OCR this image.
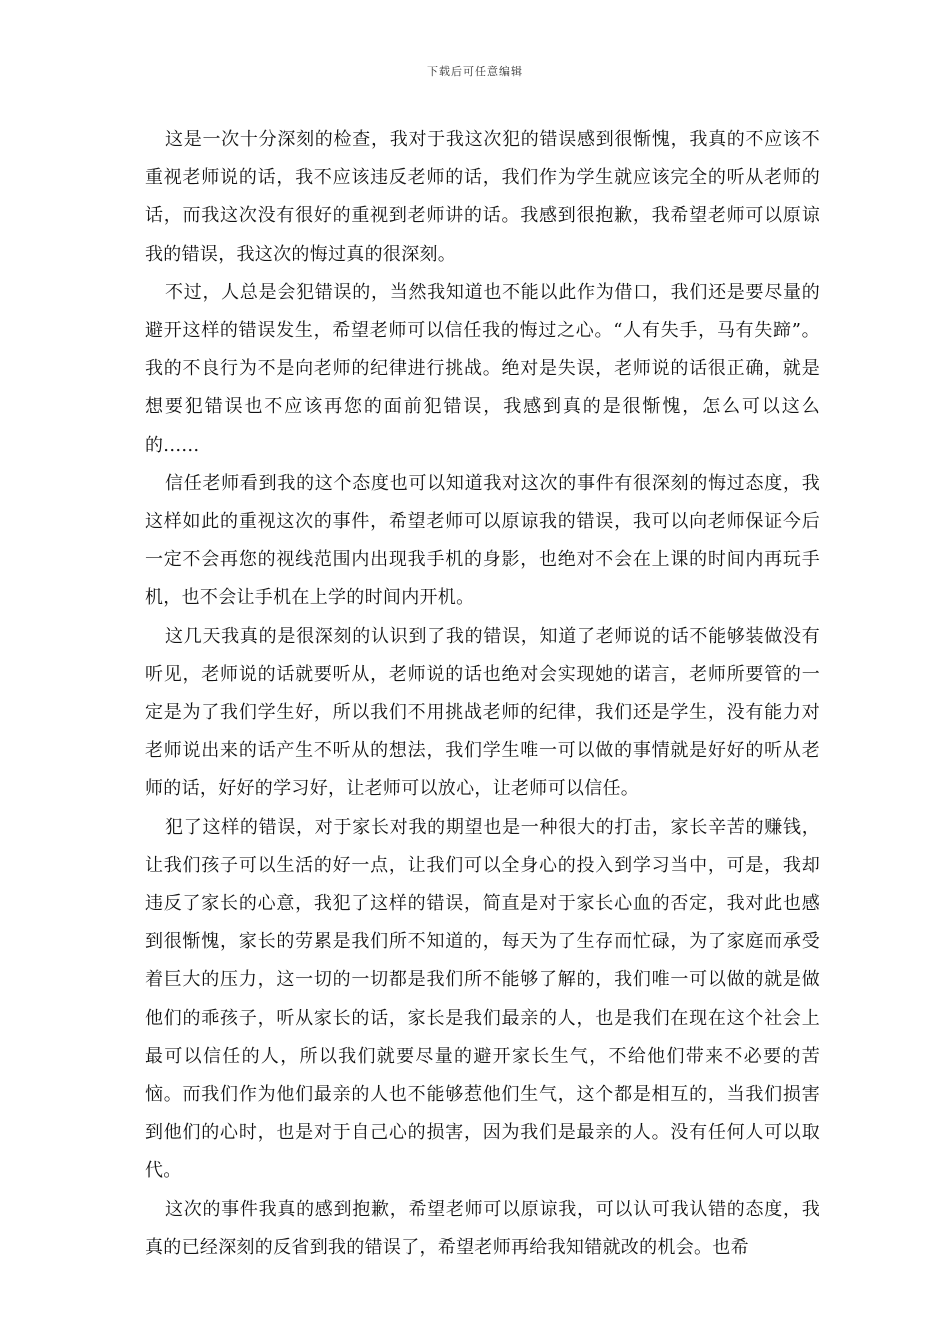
下载后可任意编辑

这是一次十分深刻的检查，我对于我这次犯的错误感到很惭愧，我真的不应该不重视老师说的话，我不应该违反老师的话，我们作为学生就应该完全的听从老师的话，而我这次没有很好的重视到老师讲的话。我感到很抱歉，我希望老师可以原谅我的错误，我这次的悔过真的很深刻。

不过，人总是会犯错误的，当然我知道也不能以此作为借口，我们还是要尽量的避开这样的错误发生，希望老师可以信任我的悔过之心。“人有失手，马有失蹄”。我的不良行为不是向老师的纪律进行挑战。绝对是失误，老师说的话很正确，就是想要犯错误也不应该再您的面前犯错误，我感到真的是很惭愧，怎么可以这么的......

信任老师看到我的这个态度也可以知道我对这次的事件有很深刻的悔过态度，我这样如此的重视这次的事件，希望老师可以原谅我的错误，我可以向老师保证今后一定不会再您的视线范围内出现我手机的身影，也绝对不会在上课的时间内再玩手机，也不会让手机在上学的时间内开机。

这几天我真的是很深刻的认识到了我的错误，知道了老师说的话不能够装做没有听见，老师说的话就要听从，老师说的话也绝对会实现她的诺言，老师所要管的一定是为了我们学生好，所以我们不用挑战老师的纪律，我们还是学生，没有能力对老师说出来的话产生不听从的想法，我们学生唯一可以做的事情就是好好的听从老师的话，好好的学习好，让老师可以放心，让老师可以信任。

犯了这样的错误，对于家长对我的期望也是一种很大的打击，家长辛苦的赚钱，让我们孩子可以生活的好一点，让我们可以全身心的投入到学习当中，可是，我却违反了家长的心意，我犯了这样的错误，简直是对于家长心血的否定，我对此也感到很惭愧，家长的劳累是我们所不知道的，每天为了生存而忙碌，为了家庭而承受着巨大的压力，这一切的一切都是我们所不能够了解的，我们唯一可以做的就是做他们的乖孩子，听从家长的话，家长是我们最亲的人，也是我们在现在这个社会上最可以信任的人，所以我们就要尽量的避开家长生气，不给他们带来不必要的苦恼。而我们作为他们最亲的人也不能够惹他们生气，这个都是相互的，当我们损害到他们的心时，也是对于自己心的损害，因为我们是最亲的人。没有任何人可以取代。

这次的事件我真的感到抱歉，希望老师可以原谅我，可以认可我认错的态度，我真的已经深刻的反省到我的错误了，希望老师再给我知错就改的机会。也希
